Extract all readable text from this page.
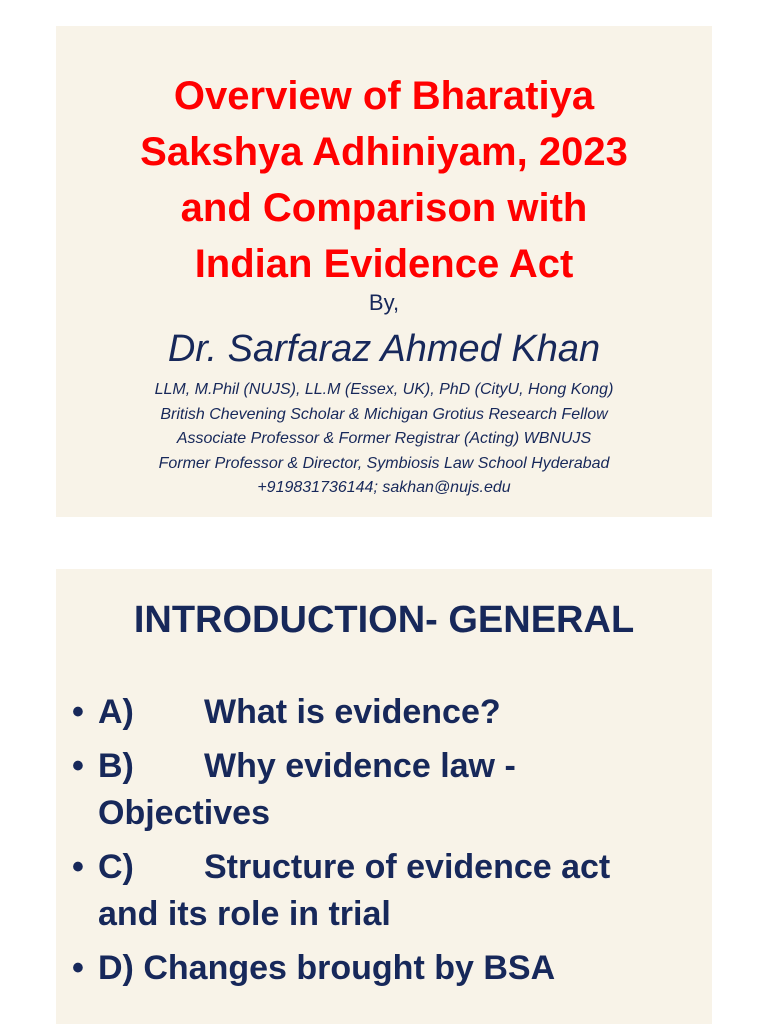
Overview of Bharatiya
Sakshya Adhiniyam, 2023
and Comparison with
Indian Evidence Act
By,
Dr. Sarfaraz Ahmed Khan
LLM, M.Phil (NUJS), LL.M (Essex, UK), PhD (CityU, Hong Kong)
British Chevening Scholar & Michigan Grotius Research Fellow
Associate Professor & Former Registrar (Acting) WBNUJS
Former Professor & Director, Symbiosis Law School Hyderabad
+919831736144; sakhan@nujs.edu
INTRODUCTION- GENERAL
• A) What is evidence?
• B) Why evidence law -
Objectives
• C) Structure of evidence act
and its role in trial
• D) Changes brought by BSA
